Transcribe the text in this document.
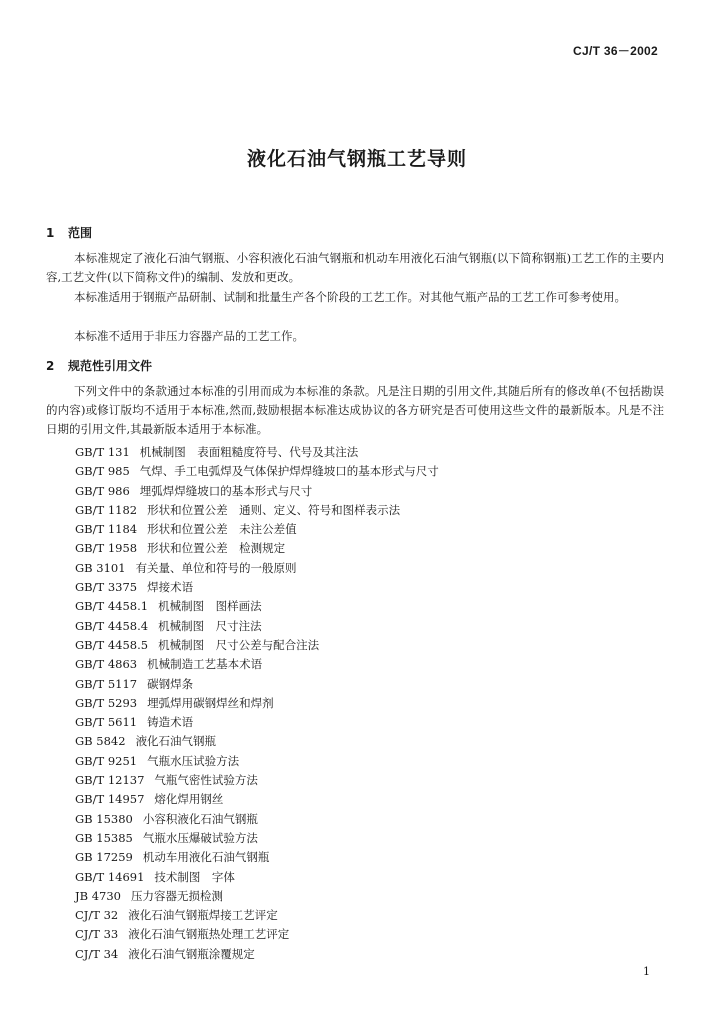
CJ/T 36－2002
液化石油气钢瓶工艺导则
1 范围

本标准规定了液化石油气钢瓶、小容积液化石油气钢瓶和机动车用液化石油气钢瓶(以下简称钢瓶)工艺工作的主要内容,工艺文件(以下简称文件)的编制、发放和更改。

本标准适用于钢瓶产品研制、试制和批量生产各个阶段的工艺工作。对其他气瓶产品的工艺工作可参考使用。

本标准不适用于非压力容器产品的工艺工作。

2 规范性引用文件

下列文件中的条款通过本标准的引用而成为本标准的条款。凡是注日期的引用文件,其随后所有的修改单(不包括勘误的内容)或修订版均不适用于本标准,然而,鼓励根据本标准达成协议的各方研究是否可使用这些文件的最新版本。凡是不注日期的引用文件,其最新版本适用于本标准。

GB/T 131 机械制图　表面粗糙度符号、代号及其注法
GB/T 985 气焊、手工电弧焊及气体保护焊焊缝坡口的基本形式与尺寸
GB/T 986 埋弧焊焊缝坡口的基本形式与尺寸
GB/T 1182 形状和位置公差　通则、定义、符号和图样表示法
GB/T 1184 形状和位置公差　未注公差值
GB/T 1958 形状和位置公差　检测规定
GB 3101 有关量、单位和符号的一般原则
GB/T 3375 焊接术语
GB/T 4458.1 机械制图　图样画法
GB/T 4458.4 机械制图　尺寸注法
GB/T 4458.5 机械制图　尺寸公差与配合注法
GB/T 4863 机械制造工艺基本术语
GB/T 5117 碳钢焊条
GB/T 5293 埋弧焊用碳钢焊丝和焊剂
GB/T 5611 铸造术语
GB 5842 液化石油气钢瓶
GB/T 9251 气瓶水压试验方法
GB/T 12137 气瓶气密性试验方法
GB/T 14957 熔化焊用钢丝
GB 15380 小容积液化石油气钢瓶
GB 15385 气瓶水压爆破试验方法
GB 17259 机动车用液化石油气钢瓶
GB/T 14691 技术制图　字体
JB 4730 压力容器无损检测
CJ/T 32 液化石油气钢瓶焊接工艺评定
CJ/T 33 液化石油气钢瓶热处理工艺评定
CJ/T 34 液化石油气钢瓶涂覆规定
1
